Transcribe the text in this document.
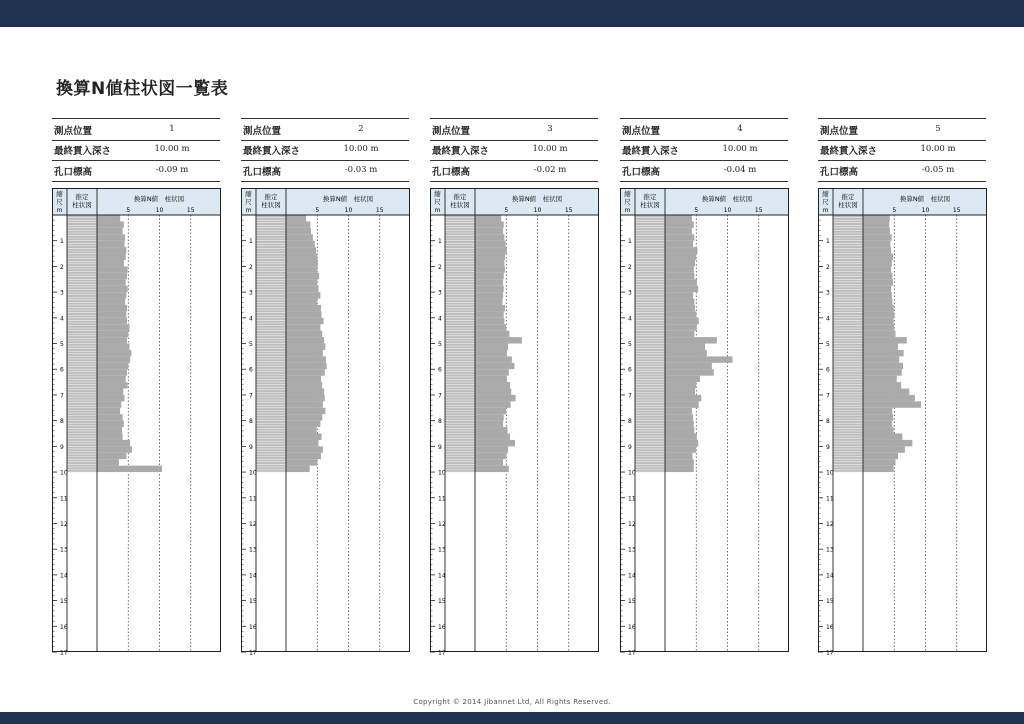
換算N値柱状図一覧表
測点位置	1
最終貫入深さ	10.00 m
孔口標高	-0.09 m
縮
尺
m
推定
柱状図
換算N値　柱状図
5	10	15
1
2
3
4
5
6
7
8
9
10
11
12
13
14
15
16
17
測点位置	2
最終貫入深さ	10.00 m
孔口標高	-0.03 m
縮
尺
m
推定
柱状図
換算N値　柱状図
5	10	15
1
2
3
4
5
6
7
8
9
10
11
12
13
14
15
16
17
測点位置	3
最終貫入深さ	10.00 m
孔口標高	-0.02 m
縮
尺
m
推定
柱状図
換算N値　柱状図
5	10	15
1
2
3
4
5
6
7
8
9
10
11
12
13
14
15
16
17
測点位置	4
最終貫入深さ	10.00 m
孔口標高	-0.04 m
縮
尺
m
推定
柱状図
換算N値　柱状図
5	10	15
1
2
3
4
5
6
7
8
9
10
11
12
13
14
15
16
17
測点位置	5
最終貫入深さ	10.00 m
孔口標高	-0.05 m
縮
尺
m
推定
柱状図
換算N値　柱状図
5	10	15
1
2
3
4
5
6
7
8
9
10
11
12
13
14
15
16
17
Copyright © 2014 Jibannet Ltd, All Rights Reserved.
